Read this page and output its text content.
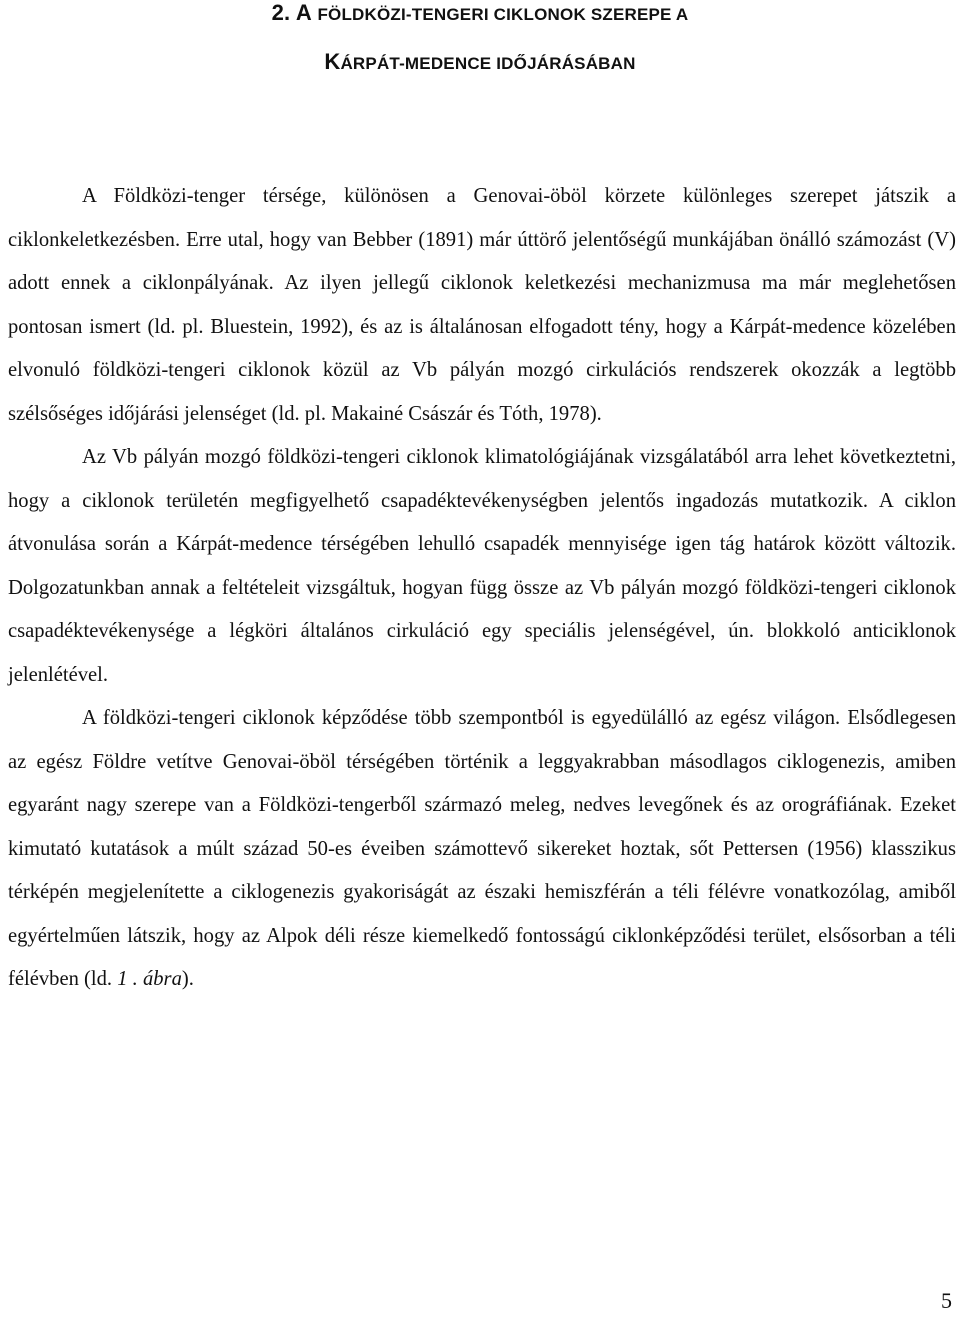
2. A FÖLDKÖZI-TENGERI CIKLONOK SZEREPE A
KÁRPÁT-MEDENCE IDŐJÁRÁSÁBAN

A Földközi-tenger térsége, különösen a Genovai-öböl körzete különleges szerepet játszik a ciklonkeletkezésben. Erre utal, hogy van Bebber (1891) már úttörő jelentőségű munkájában önálló számozást (V) adott ennek a ciklonpályának. Az ilyen jellegű ciklonok keletkezési mechanizmusa ma már meglehetősen pontosan ismert (ld. pl. Bluestein, 1992), és az is általánosan elfogadott tény, hogy a Kárpát-medence közelében elvonuló földközi-tengeri ciklonok közül az Vb pályán mozgó cirkulációs rendszerek okozzák a legtöbb szélsőséges időjárási jelenséget (ld. pl. Makainé Császár és Tóth, 1978).

Az Vb pályán mozgó földközi-tengeri ciklonok klimatológiájának vizsgálatából arra lehet következtetni, hogy a ciklonok területén megfigyelhető csapadéktevékenységben jelentős ingadozás mutatkozik. A ciklon átvonulása során a Kárpát-medence térségében lehulló csapadék mennyisége igen tág határok között változik. Dolgozatunkban annak a feltételeit vizsgáltuk, hogyan függ össze az Vb pályán mozgó földközi-tengeri ciklonok csapadéktevékenysége a légköri általános cirkuláció egy speciális jelenségével, ún. blokkoló anticiklonok jelenlétével.

A földközi-tengeri ciklonok képződése több szempontból is egyedülálló az egész világon. Elsődlegesen az egész Földre vetítve Genovai-öböl térségében történik a leggyakrabban másodlagos ciklogenezis, amiben egyaránt nagy szerepe van a Földközi-tengerből származó meleg, nedves levegőnek és az orográfiának. Ezeket kimutató kutatások a múlt század 50-es éveiben számottevő sikereket hoztak, sőt Pettersen (1956) klasszikus térképén megjelenítette a ciklogenezis gyakoriságát az északi hemiszférán a téli félévre vonatkozólag, amiből egyértelműen látszik, hogy az Alpok déli része kiemelkedő fontosságú ciklonképződési terület, elsősorban a téli félévben (ld. 1 . ábra).

5
